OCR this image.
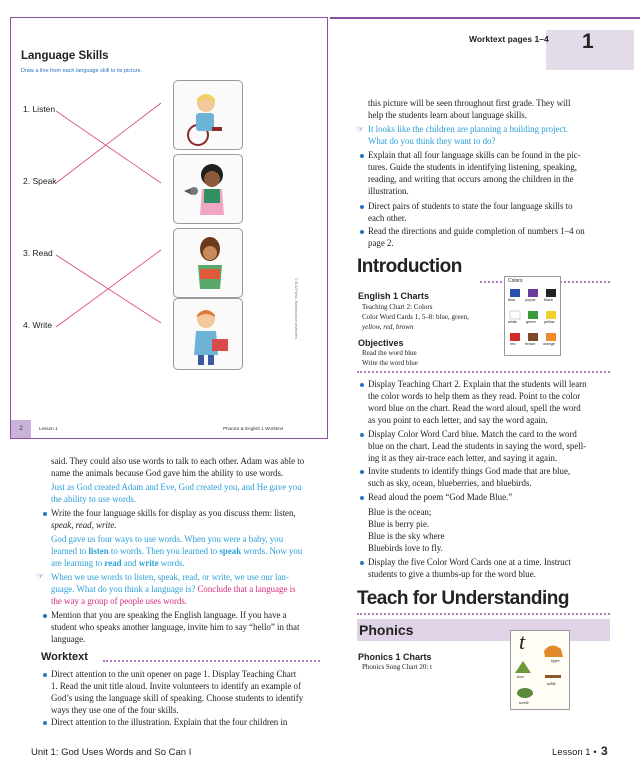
Language Skills
Draw a line from each language skill to its picture.
1. Listen
2. Speak
3. Read
4. Write	© BJU Press. Reproduction prohibited.
2	Lesson 1	Phonics & English 1 Worktext
Worktext pages 1–4 1
this picture will be seen throughout first grade. They will
help the students learn about language skills.
☞ It looks like the children are planning a building project.
What do you think they want to do?
Explain that all four language skills can be found in the pic-
tures. Guide the students in identifying listening, speaking,
reading, and writing that occurs among the children in the
illustration.
Direct pairs of students to state the four language skills to
each other.
Read the directions and guide completion of numbers 1–4 on
page 2.
Introduction
English 1 Charts
Teaching Chart 2: Colors
Color Word Cards 1, 5–8: blue, green,
yellow, red, brown
Objectives
Read the word blue
Write the word blue
Colors
blue	purple black
white green yellow
red	brown orange
Display Teaching Chart 2. Explain that the students will learn
the color words to help them as they read. Point to the color
word blue on the chart. Read the word aloud, spell the word
as you point to each letter, and say the word again.
Display Color Word Card blue. Match the card to the word
blue on the chart. Lead the students in saying the word, spell-
ing it as they air-trace each letter, and saying it again.
Invite students to identify things God made that are blue,
such as sky, ocean, blueberries, and bluebirds.
Read aloud the poem “God Made Blue.”
Blue is the ocean;
Blue is berry pie.
Blue is the sky where
Bluebirds love to fly.
Display the five Color Word Cards one at a time. Instruct
students to give a thumbs-up for the word blue.
Teach for Understanding
Phonics
Phonics 1 Charts
Phonics Song Chart 20: t
t
tiger
tent
table
turtle
said. They could also use words to talk to each other. Adam was able to
name the animals because God gave him the ability to use words.
Just as God created Adam and Eve, God created you, and He gave you
the ability to use words.
Write the four language skills for display as you discuss them: listen,
speak, read, write.
God gave us four ways to use words. When you were a baby, you
learned to listen to words. Then you learned to speak words. Now you
are learning to read and write words.
☞ When we use words to listen, speak, read, or write, we use our lan-
guage. What do you think a language is? Conclude that a language is
the way a group of people uses words.
Mention that you are speaking the English language. If you have a
student who speaks another language, invite him to say “hello” in that
language.
Worktext
Direct attention to the unit opener on page 1. Display Teaching Chart
1. Read the unit title aloud. Invite volunteers to identify an example of
God’s using the language skill of speaking. Choose students to identify
ways they use one of the four skills.
Direct attention to the illustration. Explain that the four children in
Unit 1: God Uses Words and So Can I	Lesson 1 • 3
